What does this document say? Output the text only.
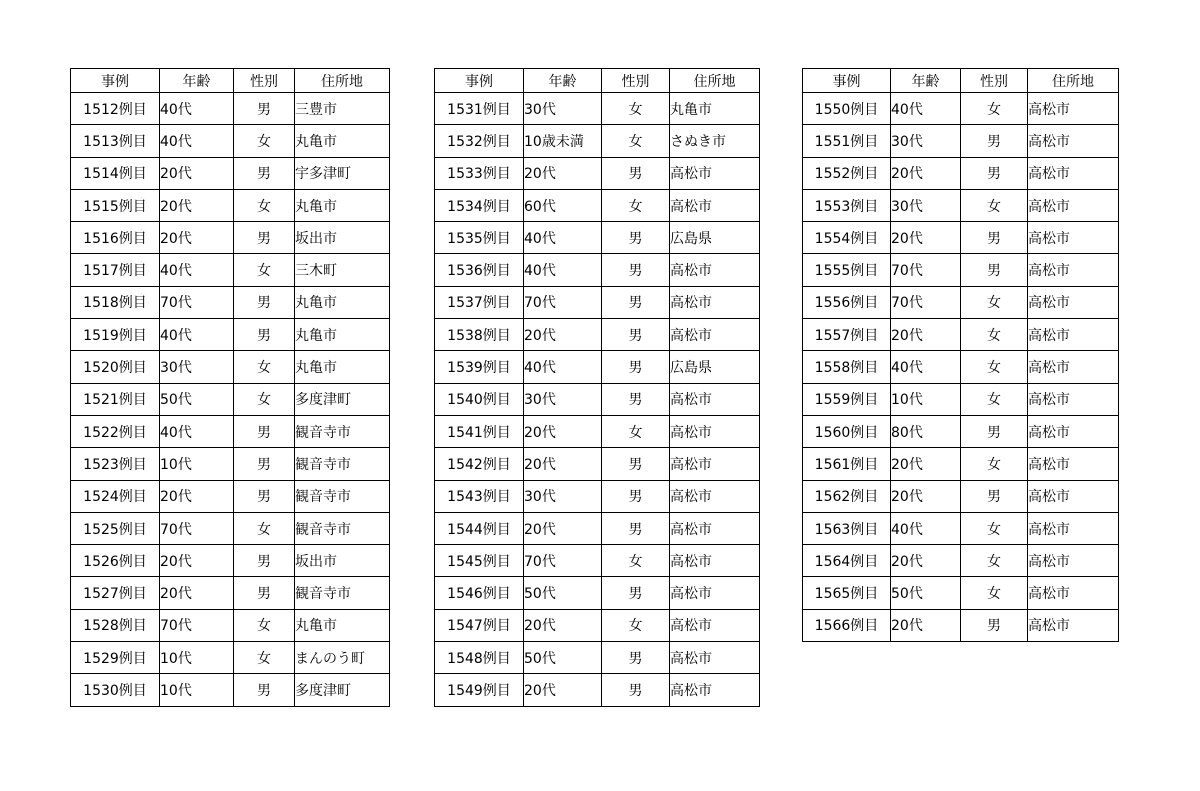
事例	年齢	性別	住所地
1512例目	40代	男	三豊市
1513例目	40代	女	丸亀市
1514例目	20代	男	宇多津町
1515例目	20代	女	丸亀市
1516例目	20代	男	坂出市
1517例目	40代	女	三木町
1518例目	70代	男	丸亀市
1519例目	40代	男	丸亀市
1520例目	30代	女	丸亀市
1521例目	50代	女	多度津町
1522例目	40代	男	観音寺市
1523例目	10代	男	観音寺市
1524例目	20代	男	観音寺市
1525例目	70代	女	観音寺市
1526例目	20代	男	坂出市
1527例目	20代	男	観音寺市
1528例目	70代	女	丸亀市
1529例目	10代	女	まんのう町
1530例目	10代	男	多度津町
事例	年齢	性別	住所地
1531例目	30代	女	丸亀市
1532例目	10歳未満	女	さぬき市
1533例目	20代	男	高松市
1534例目	60代	女	高松市
1535例目	40代	男	広島県
1536例目	40代	男	高松市
1537例目	70代	男	高松市
1538例目	20代	男	高松市
1539例目	40代	男	広島県
1540例目	30代	男	高松市
1541例目	20代	女	高松市
1542例目	20代	男	高松市
1543例目	30代	男	高松市
1544例目	20代	男	高松市
1545例目	70代	女	高松市
1546例目	50代	男	高松市
1547例目	20代	女	高松市
1548例目	50代	男	高松市
1549例目	20代	男	高松市
事例	年齢	性別	住所地
1550例目	40代	女	高松市
1551例目	30代	男	高松市
1552例目	20代	男	高松市
1553例目	30代	女	高松市
1554例目	20代	男	高松市
1555例目	70代	男	高松市
1556例目	70代	女	高松市
1557例目	20代	女	高松市
1558例目	40代	女	高松市
1559例目	10代	女	高松市
1560例目	80代	男	高松市
1561例目	20代	女	高松市
1562例目	20代	男	高松市
1563例目	40代	女	高松市
1564例目	20代	女	高松市
1565例目	50代	女	高松市
1566例目	20代	男	高松市
